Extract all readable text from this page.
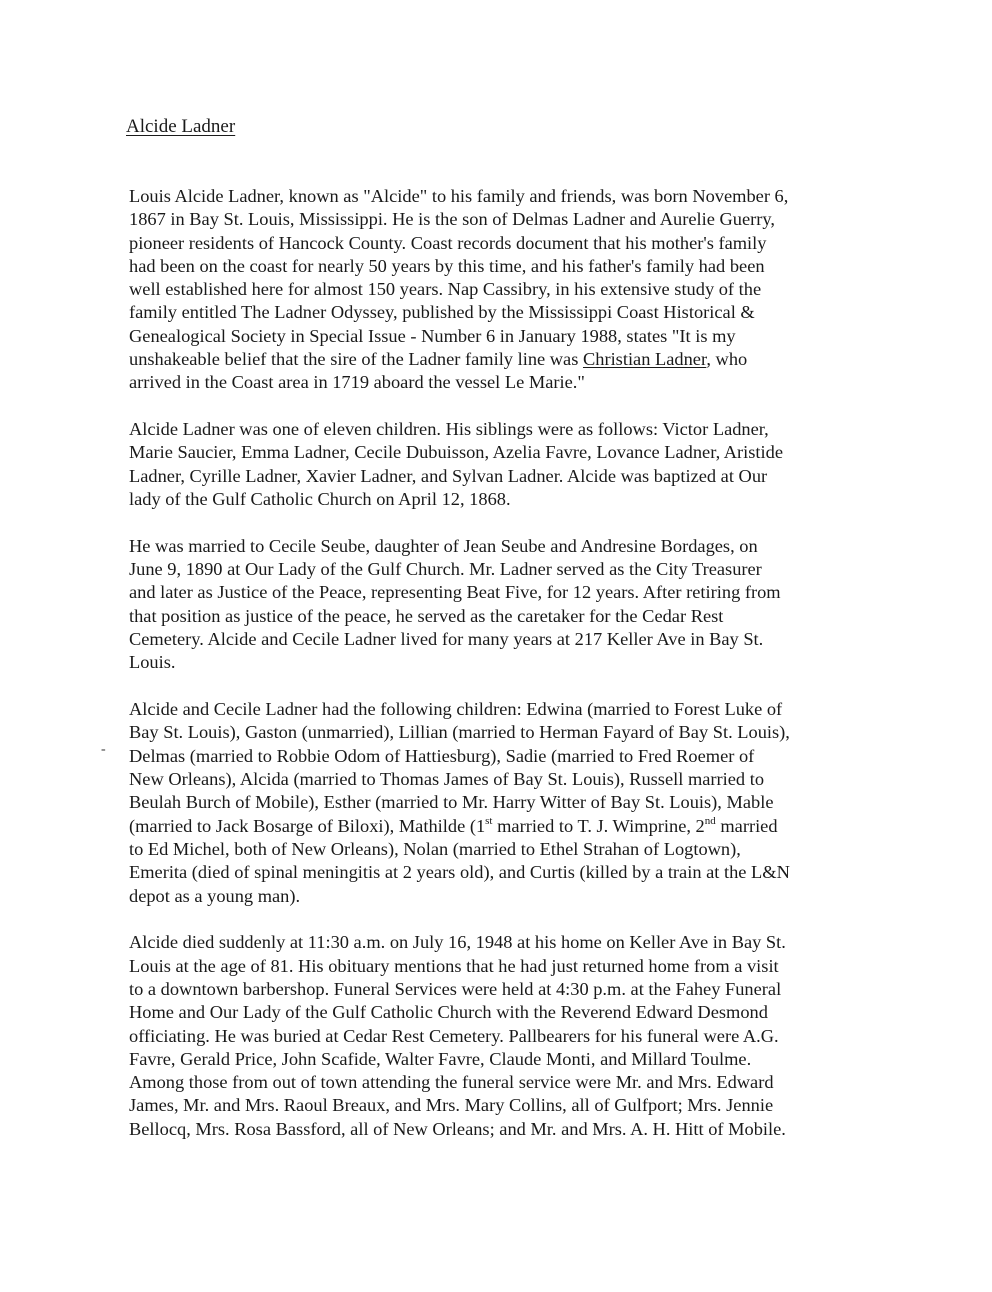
Alcide Ladner
-

Louis Alcide Ladner, known as "Alcide" to his family and friends, was born November 6,
1867 in Bay St. Louis, Mississippi. He is the son of Delmas Ladner and Aurelie Guerry,
pioneer residents of Hancock County. Coast records document that his mother's family
had been on the coast for nearly 50 years by this time, and his father's family had been
well established here for almost 150 years. Nap Cassibry, in his extensive study of the
family entitled The Ladner Odyssey, published by the Mississippi Coast Historical &
Genealogical Society in Special Issue - Number 6 in January 1988, states "It is my
unshakeable belief that the sire of the Ladner family line was Christian Ladner, who
arrived in the Coast area in 1719 aboard the vessel Le Marie."

Alcide Ladner was one of eleven children. His siblings were as follows: Victor Ladner,
Marie Saucier, Emma Ladner, Cecile Dubuisson, Azelia Favre, Lovance Ladner, Aristide
Ladner, Cyrille Ladner, Xavier Ladner, and Sylvan Ladner. Alcide was baptized at Our
lady of the Gulf Catholic Church on April 12, 1868.

He was married to Cecile Seube, daughter of Jean Seube and Andresine Bordages, on
June 9, 1890 at Our Lady of the Gulf Church. Mr. Ladner served as the City Treasurer
and later as Justice of the Peace, representing Beat Five, for 12 years. After retiring from
that position as justice of the peace, he served as the caretaker for the Cedar Rest
Cemetery. Alcide and Cecile Ladner lived for many years at 217 Keller Ave in Bay St.
Louis.

Alcide and Cecile Ladner had the following children: Edwina (married to Forest Luke of
Bay St. Louis), Gaston (unmarried), Lillian (married to Herman Fayard of Bay St. Louis),
Delmas (married to Robbie Odom of Hattiesburg), Sadie (married to Fred Roemer of
New Orleans), Alcida (married to Thomas James of Bay St. Louis), Russell married to
Beulah Burch of Mobile), Esther (married to Mr. Harry Witter of Bay St. Louis), Mable
(married to Jack Bosarge of Biloxi), Mathilde (1st married to T. J. Wimprine, 2nd married
to Ed Michel, both of New Orleans), Nolan (married to Ethel Strahan of Logtown),
Emerita (died of spinal meningitis at 2 years old), and Curtis (killed by a train at the L&N
depot as a young man).

Alcide died suddenly at 11:30 a.m. on July 16, 1948 at his home on Keller Ave in Bay St.
Louis at the age of 81. His obituary mentions that he had just returned home from a visit
to a downtown barbershop. Funeral Services were held at 4:30 p.m. at the Fahey Funeral
Home and Our Lady of the Gulf Catholic Church with the Reverend Edward Desmond
officiating. He was buried at Cedar Rest Cemetery. Pallbearers for his funeral were A.G.
Favre, Gerald Price, John Scafide, Walter Favre, Claude Monti, and Millard Toulme.
Among those from out of town attending the funeral service were Mr. and Mrs. Edward
James, Mr. and Mrs. Raoul Breaux, and Mrs. Mary Collins, all of Gulfport; Mrs. Jennie
Bellocq, Mrs. Rosa Bassford, all of New Orleans; and Mr. and Mrs. A. H. Hitt of Mobile.
